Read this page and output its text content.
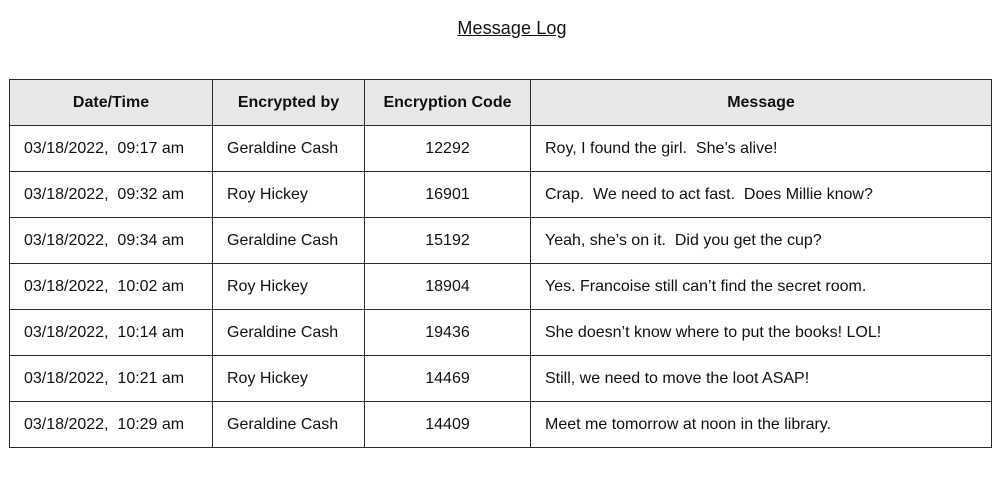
Message Log
Date/Time	Encrypted by	Encryption Code	Message
03/18/2022,  09:17 am	Geraldine Cash	12292	Roy, I found the girl.  She’s alive!
03/18/2022,  09:32 am	Roy Hickey	16901	Crap.  We need to act fast.  Does Millie know?
03/18/2022,  09:34 am	Geraldine Cash	15192	Yeah, she’s on it.  Did you get the cup?
03/18/2022,  10:02 am	Roy Hickey	18904	Yes. Francoise still can’t find the secret room.
03/18/2022,  10:14 am	Geraldine Cash	19436	She doesn’t know where to put the books! LOL!
03/18/2022,  10:21 am	Roy Hickey	14469	Still, we need to move the loot ASAP!
03/18/2022,  10:29 am	Geraldine Cash	14409	Meet me tomorrow at noon in the library.
